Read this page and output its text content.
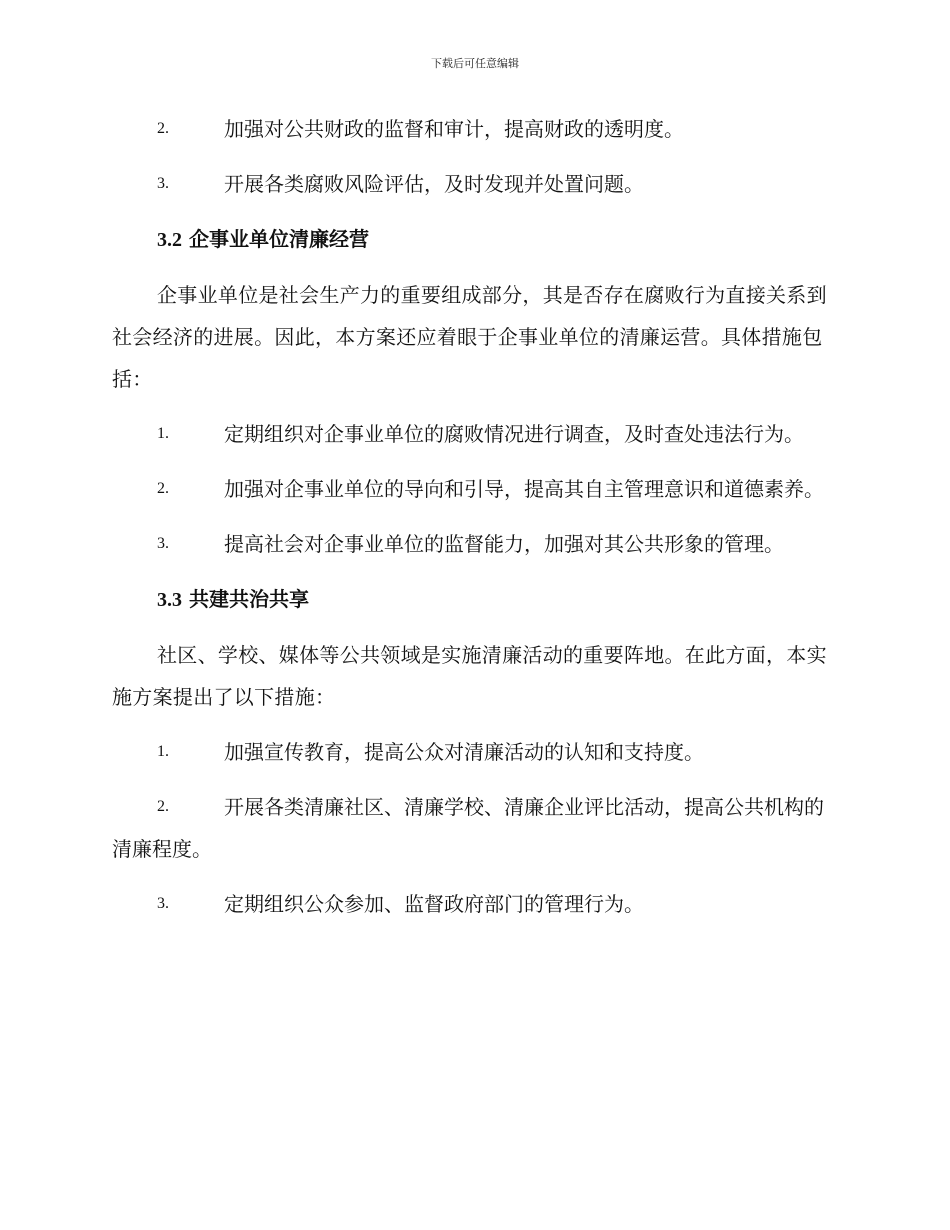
下载后可任意编辑
2.	加强对公共财政的监督和审计，提高财政的透明度。
3.	开展各类腐败风险评估，及时发现并处置问题。
3.2 企事业单位清廉经营
企事业单位是社会生产力的重要组成部分，其是否存在腐败行为直接关系到社会经济的进展。因此，本方案还应着眼于企事业单位的清廉运营。具体措施包括：
1.	定期组织对企事业单位的腐败情况进行调查，及时查处违法行为。
2.	加强对企事业单位的导向和引导，提高其自主管理意识和道德素养。
3.	提高社会对企事业单位的监督能力，加强对其公共形象的管理。
3.3 共建共治共享
社区、学校、媒体等公共领域是实施清廉活动的重要阵地。在此方面，本实施方案提出了以下措施：
1.	加强宣传教育，提高公众对清廉活动的认知和支持度。
2.	开展各类清廉社区、清廉学校、清廉企业评比活动，提高公共机构的清廉程度。
3.	定期组织公众参加、监督政府部门的管理行为。
